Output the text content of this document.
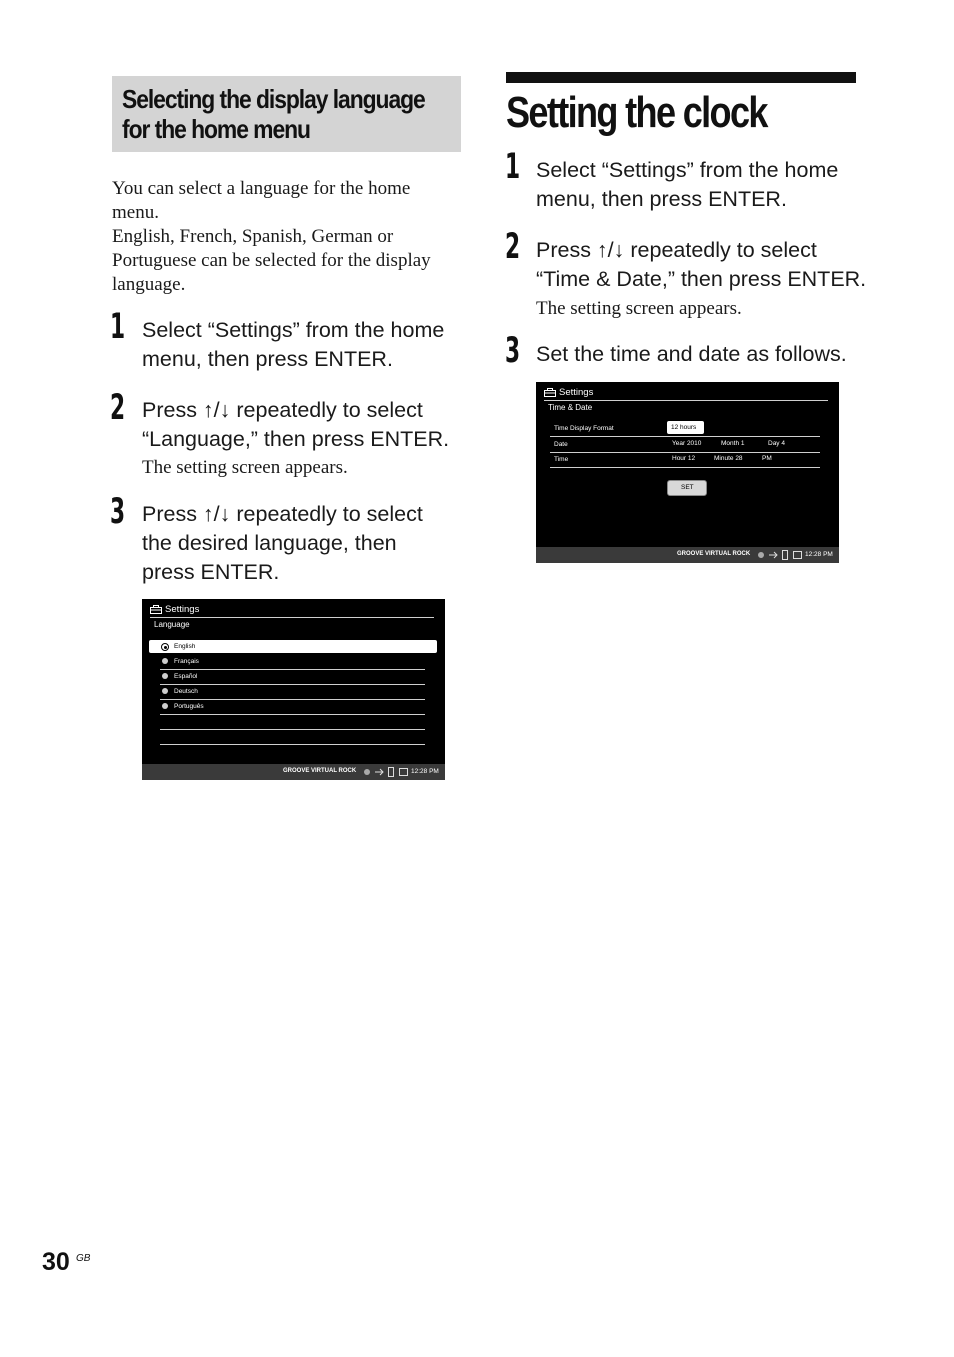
Selecting the display language
for the home menu
You can select a language for the home
menu.
English, French, Spanish, German or
Portuguese can be selected for the display
language.
1 Select “Settings” from the home
menu, then press ENTER.
2 Press ↑/↓ repeatedly to select
“Language,” then press ENTER.
The setting screen appears.
3 Press ↑/↓ repeatedly to select
the desired language, then
press ENTER.
Settings
Language
English
Français
Español
Deutsch
Português
GROOVE VIRTUAL ROCK	12:28 PM
Setting the clock
1 Select “Settings” from the home
menu, then press ENTER.
2 Press ↑/↓ repeatedly to select
“Time & Date,” then press ENTER.
The setting screen appears.
3 Set the time and date as follows.
Settings
Time & Date
Time Display Format	12 hours
Date	Year 2010	Month 1	Day 4
Time	Hour 12	Minute 28	PM
SET
GROOVE VIRTUAL ROCK	12:28 PM
30 GB
